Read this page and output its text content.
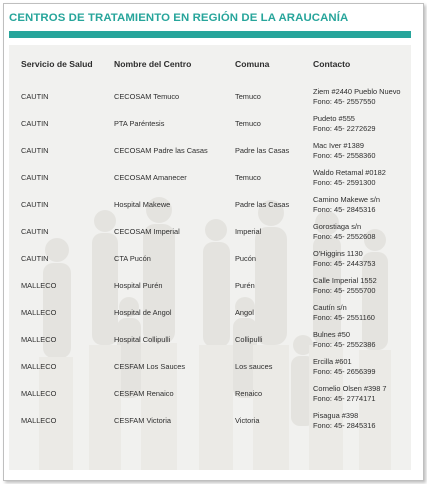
CENTROS DE TRATAMIENTO EN REGIÓN DE LA ARAUCANÍA
Servicio de Salud	Nombre del Centro	Comuna	Contacto
CAUTIN	CECOSAM Temuco	Temuco	Ziem #2440 Pueblo Nuevo
Fono: 45- 2557550

CAUTIN	PTA Paréntesis	Temuco	Pudeto #555
Fono: 45- 2272629

CAUTIN	CECOSAM Padre las Casas	Padre las Casas	Mac Iver #1389
Fono: 45- 2558360

CAUTIN	CECOSAM Amanecer	Temuco	Waldo Retamal #0182
Fono: 45- 2591300

CAUTIN	Hospital Makewe	Padre las Casas	Camino Makewe s/n
Fono: 45- 2845316

CAUTIN	CECOSAM Imperial	Imperial	Gorostiaga s/n
Fono: 45- 2552608

CAUTIN	CTA Pucón	Pucón	O'Higgins 1130
Fono: 45- 2443753

MALLECO	Hospital Purén	Purén	Calle Imperial 1552
Fono: 45- 2555700

MALLECO	Hospital de Angol	Angol	Cautín s/n
Fono: 45- 2551160

MALLECO	Hospital Collipulli	Collipulli	Bulnes #50
Fono: 45- 2552386

MALLECO	CESFAM Los Sauces	Los sauces	Ercilla #601
Fono: 45- 2656399

MALLECO	CESFAM Renaico	Renaico	Cornelio Olsen #398 7
Fono: 45- 2774171

MALLECO	CESFAM Victoria	Victoria	Pisagua #398
Fono: 45- 2845316
